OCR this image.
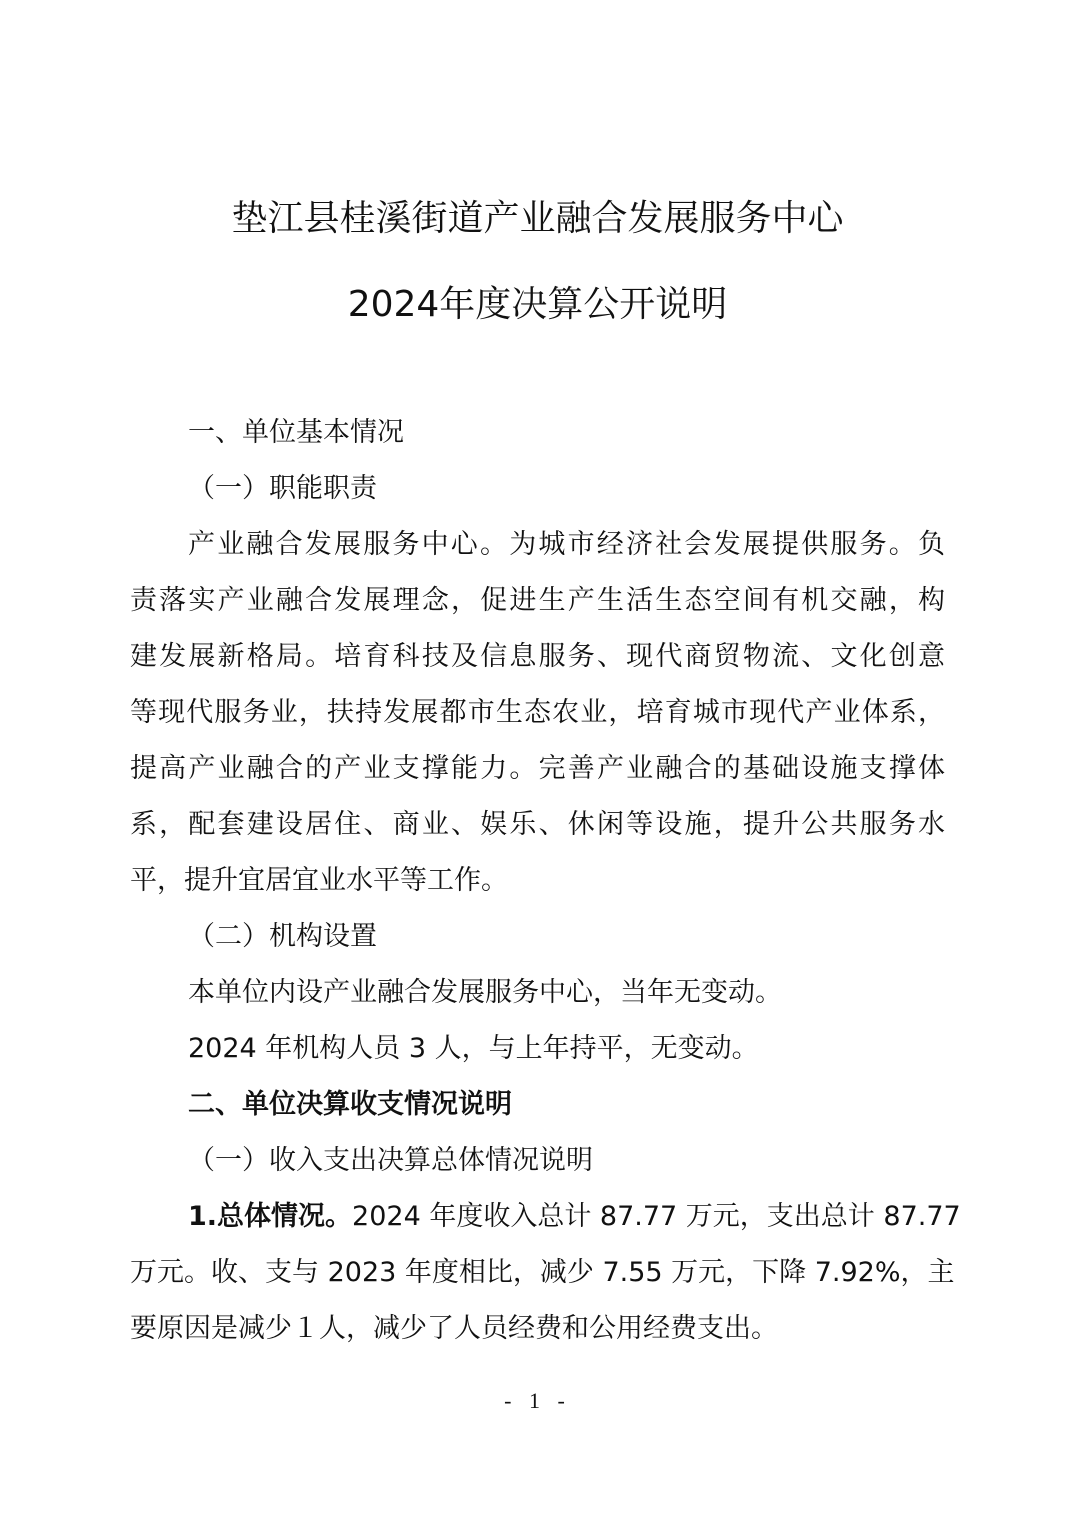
垫江县桂溪街道产业融合发展服务中心
2024年度决算公开说明
一、单位基本情况
（一）职能职责
产业融合发展服务中心。为城市经济社会发展提供服务。负
责落实产业融合发展理念，促进生产生活生态空间有机交融，构
建发展新格局。培育科技及信息服务、现代商贸物流、文化创意
等现代服务业，扶持发展都市生态农业，培育城市现代产业体系，
提高产业融合的产业支撑能力。完善产业融合的基础设施支撑体
系，配套建设居住、商业、娱乐、休闲等设施，提升公共服务水
平，提升宜居宜业水平等工作。
（二）机构设置
本单位内设产业融合发展服务中心，当年无变动。
2024 年机构人员 3 人，与上年持平，无变动。
二、单位决算收支情况说明
（一）收入支出决算总体情况说明
1.总体情况。 2024 年度收入总计 87.77 万元，支出总计 87.77
万元。收、支与 2023 年度相比，减少 7.55 万元，下降 7.92%，主
要原因是减少１人，减少了人员经费和公用经费支出。
- 1 -
